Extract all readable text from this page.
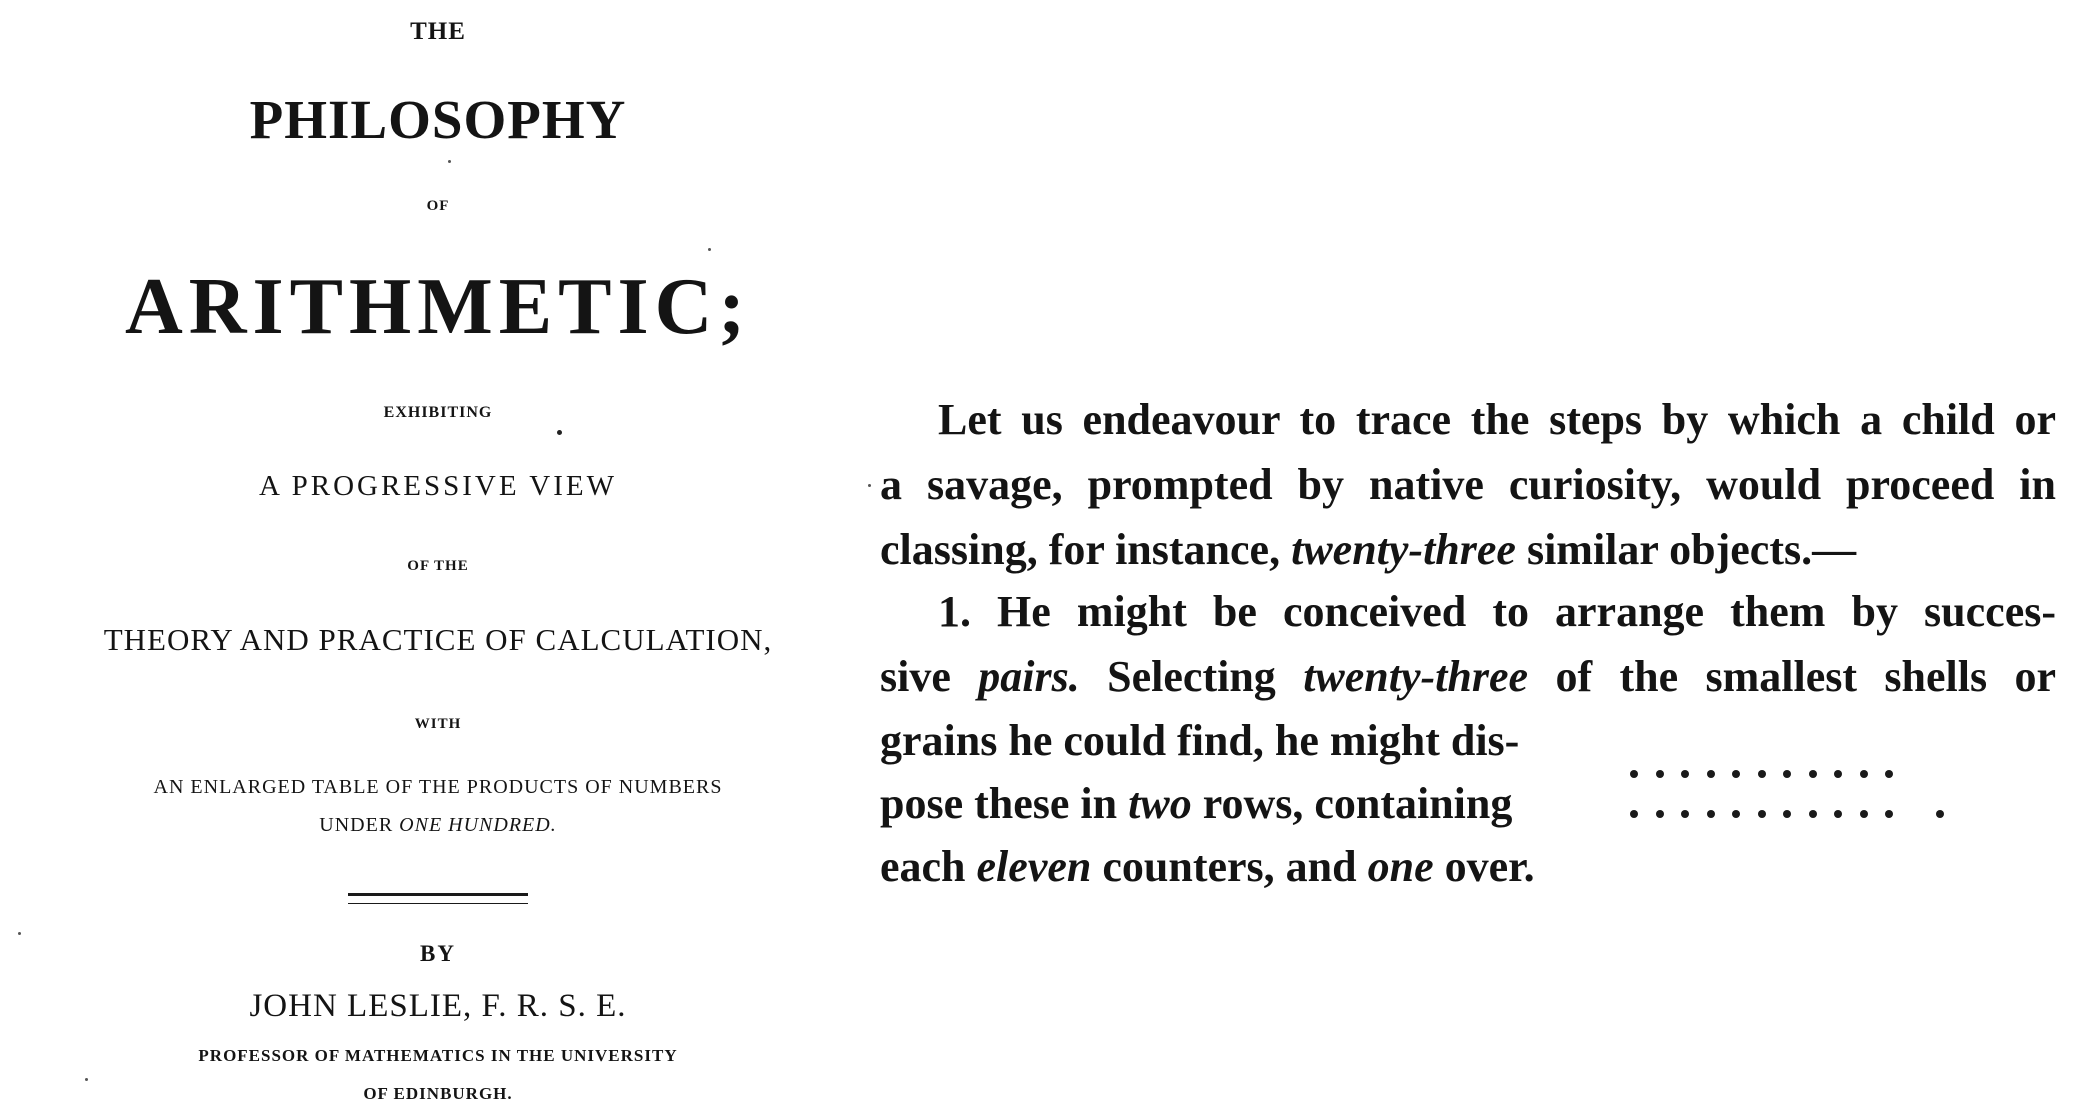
THE
PHILOSOPHY
OF
ARITHMETIC;
EXHIBITING
A PROGRESSIVE VIEW
OF THE
THEORY AND PRACTICE OF CALCULATION,
WITH
AN ENLARGED TABLE OF THE PRODUCTS OF NUMBERS
UNDER ONE HUNDRED.
BY
JOHN LESLIE, F. R. S. E.
PROFESSOR OF MATHEMATICS IN THE UNIVERSITY
OF EDINBURGH.
Let us endeavour to trace the steps by which a child or
a savage, prompted by native curiosity, would proceed in
classing, for instance, twenty-three similar objects.—
1. He might be conceived to arrange them by succes-
sive pairs. Selecting twenty-three of the smallest shells or
grains he could find, he might dis-
pose these in two rows, containing
each eleven counters, and one over.
